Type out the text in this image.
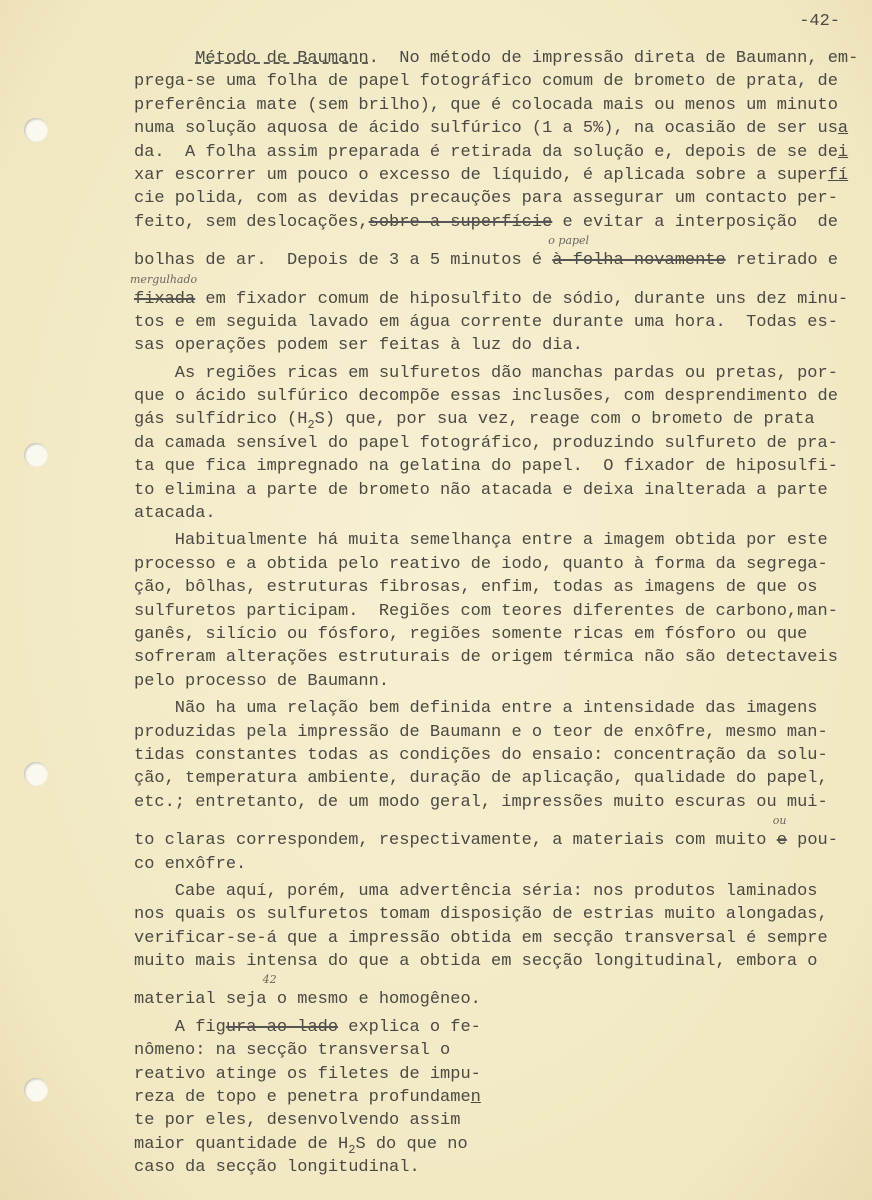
-42-
Método de Baumann.  No método de impressão direta de Baumann, em-
prega-se uma folha de papel fotográfico comum de brometo de prata, de
preferência mate (sem brilho), que é colocada mais ou menos um minuto
numa solução aquosa de ácido sulfúrico (1 a 5%), na ocasião de ser usa
da.  A folha assim preparada é retirada da solução e, depois de se dei
xar escorrer um pouco o excesso de líquido, é aplicada sobre a superfí
cie polida, com as devidas precauções para assegurar um contacto per-
feito, sem deslocações,sobre a superfície e evitar a interposição  de
bolhas de ar.  Depois de 3 a 5 minutos é
o papel
à folha novamente retirado e
mergulhado
fixada em fixador comum de hiposulfito de sódio, durante uns dez minu-
tos e em seguida lavado em água corrente durante uma hora.  Todas es-
sas operações podem ser feitas à luz do dia.
As regiões ricas em sulfuretos dão manchas pardas ou pretas, por-
que o ácido sulfúrico decompõe essas inclusões, com desprendimento de
gás sulfídrico $(H_2S)$ que, por sua vez, reage com o brometo de prata
da camada sensível do papel fotográfico, produzindo sulfureto de pra-
ta que fica impregnado na gelatina do papel.  O fixador de hiposulfi-
to elimina a parte de brometo não atacada e deixa inalterada a parte
atacada.
Habitualmente há muita semelhança entre a imagem obtida por este
processo e a obtida pelo reativo de iodo, quanto à forma da segrega-
ção, bôlhas, estruturas fibrosas, enfim, todas as imagens de que os
sulfuretos participam.  Regiões com teores diferentes de carbono,man-
ganês, silício ou fósforo, regiões somente ricas em fósforo ou que
sofreram alterações estruturais de origem térmica não são detectaveis
pelo processo de Baumann.
Não ha uma relação bem definida entre a intensidade das imagens
produzidas pela impressão de Baumann e o teor de enxôfre, mesmo man-
tidas constantes todas as condições do ensaio: concentração da solu-
ção, temperatura ambiente, duração de aplicação, qualidade do papel,
etc.; entretanto, de um modo geral, impressões muito escuras ou mui-
to claras correspondem, respectivamente, a materiais com muito
ou
e pou-
co enxôfre.
Cabe aquí, porém, uma advertência séria: nos produtos laminados
nos quais os sulfuretos tomam disposição de estrias muito alongadas,
verificar-se-á que a impressão obtida em secção transversal é sempre
muito mais intensa do que a obtida em secção longitudinal, embora o
material seja
42
o mesmo e homogêneo.
A figura ao lado explica o fe-
nômeno: na secção transversal o
reativo atinge os filetes de impu-
reza de topo e penetra profundamen
te por eles, desenvolvendo assim
maior quantidade de $H_2S$ do que no
caso da secção longitudinal.
